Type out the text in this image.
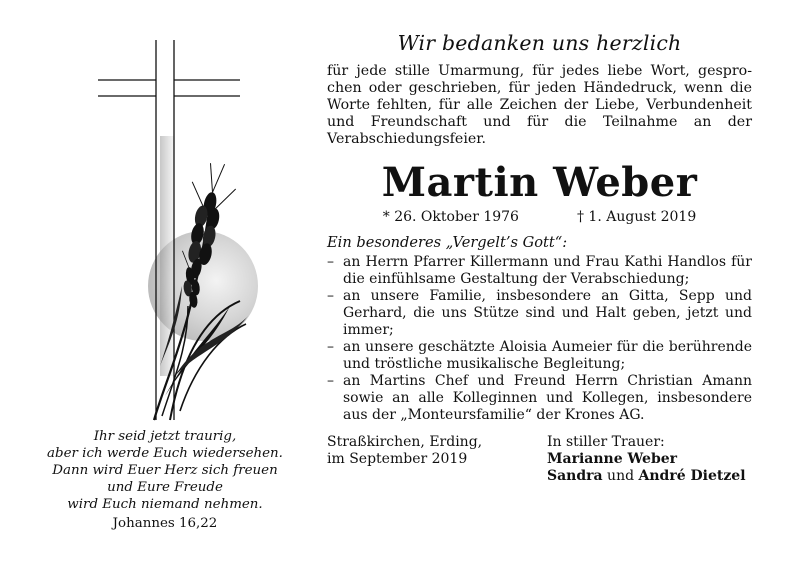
Ihr seid jetzt traurig,
aber ich werde Euch wiedersehen.
Dann wird Euer Herz sich freuen
und Eure Freude
wird Euch niemand nehmen.
Johannes 16,22
Wir bedanken uns herzlich

für jede stille Umarmung, für jedes liebe Wort, gesprochen oder geschrieben, für jeden Händedruck, wenn die Worte fehlten, für alle Zeichen der Liebe, Verbundenheit und Freundschaft und für die Teilnahme an der Verabschiedungsfeier.

Martin Weber
* 26. Oktober 1976	† 1. August 2019
Ein besonderes „Vergelt’s Gott“:
– an Herrn Pfarrer Killermann und Frau Kathi Handlos für die einfühlsame Gestaltung der Verabschiedung;
– an unsere Familie, insbesondere an Gitta, Sepp und Gerhard, die uns Stütze sind und Halt geben, jetzt und immer;
– an unsere geschätzte Aloisia Aumeier für die berührende und tröstliche musikalische Begleitung;
– an Martins Chef und Freund Herrn Christian Amann sowie an alle Kolleginnen und Kollegen, insbesondere aus der „Monteursfamilie“ der Krones AG.
Straßkirchen, Erding,
im September 2019
In stiller Trauer:
Marianne Weber
Sandra und André Dietzel
